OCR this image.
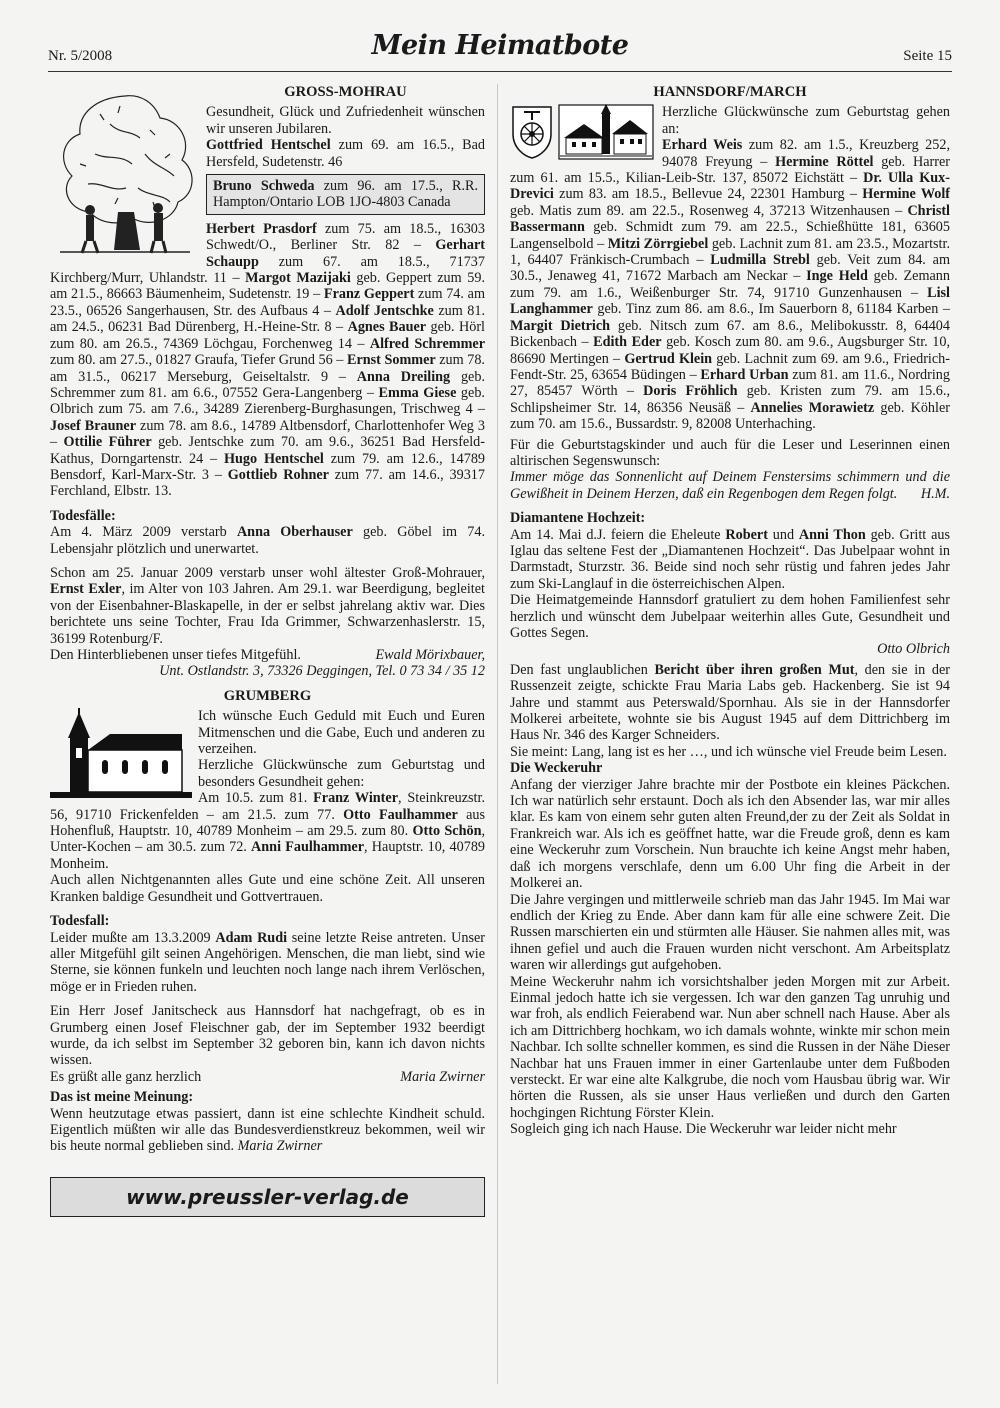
Nr. 5/2008	Mein Heimatbote	Seite 15
GROSS-MOHRAU

Gesundheit, Glück und Zufriedenheit wünschen wir unseren Jubilaren.

Gottfried Hentschel zum 69. am 16.5., Bad Hersfeld, Sudetenstr. 46

Bruno Schweda zum 96. am 17.5., R.R. Hampton/Ontario LOB 1JO-4803 Canada

Herbert Prasdorf zum 75. am 18.5., 16303 Schwedt/O., Berliner Str. 82 – Gerhart Schaupp zum 67. am 18.5., 71737 Kirchberg/Murr, Uhlandstr. 11 – Margot Mazijaki geb. Geppert zum 59. am 21.5., 86663 Bäumenheim, Sudetenstr. 19 – Franz Geppert zum 74. am 23.5., 06526 Sangerhausen, Str. des Aufbaus 4 – Adolf Jentschke zum 81. am 24.5., 06231 Bad Dürenberg, H.-Heine-Str. 8 – Agnes Bauer geb. Hörl zum 80. am 26.5., 74369 Löchgau, Forchenweg 14 – Alfred Schremmer zum 80. am 27.5., 01827 Graufa, Tiefer Grund 56 – Ernst Sommer zum 78. am 31.5., 06217 Merseburg, Geiseltalstr. 9 – Anna Dreiling geb. Schremmer zum 81. am 6.6., 07552 Gera-Langenberg – Emma Giese geb. Olbrich zum 75. am 7.6., 34289 Zierenberg-Burghasungen, Trischweg 4 – Josef Brauner zum 78. am 8.6., 14789 Altbensdorf, Charlottenhofer Weg 3 – Ottilie Führer geb. Jentschke zum 70. am 9.6., 36251 Bad Hersfeld-Kathus, Dorngartenstr. 24 – Hugo Hentschel zum 79. am 12.6., 14789 Bensdorf, Karl-Marx-Str. 3 – Gottlieb Rohner zum 77. am 14.6., 39317 Ferchland, Elbstr. 13.

Todesfälle:

Am 4. März 2009 verstarb Anna Oberhauser geb. Göbel im 74. Lebensjahr plötzlich und unerwartet.

Schon am 25. Januar 2009 verstarb unser wohl ältester Groß-Mohrauer, Ernst Exler, im Alter von 103 Jahren. Am 29.1. war Beerdigung, begleitet von der Eisenbahner-Blaskapelle, in der er selbst jahrelang aktiv war. Dies berichtete uns seine Tochter, Frau Ida Grimmer, Schwarzenhaslerstr. 15, 36199 Rotenburg/F.

Den Hinterbliebenen unser tiefes Mitgefühl.	Ewald Mörixbauer,

Unt. Ostlandstr. 3, 73326 Deggingen, Tel. 0 73 34 / 35 12

GRUMBERG

Ich wünsche Euch Geduld mit Euch und Euren Mitmenschen und die Gabe, Euch und anderen zu verzeihen.

Herzliche Glückwünsche zum Geburtstag und besonders Gesundheit gehen:

Am 10.5. zum 81. Franz Winter, Steinkreuzstr. 56, 91710 Frickenfelden – am 21.5. zum 77. Otto Faulhammer aus Hohenfluß, Hauptstr. 10, 40789 Monheim – am 29.5. zum 80. Otto Schön, Unter-Kochen – am 30.5. zum 72. Anni Faulhammer, Hauptstr. 10, 40789 Monheim.

Auch allen Nichtgenannten alles Gute und eine schöne Zeit. All unseren Kranken baldige Gesundheit und Gottvertrauen.

Todesfall:

Leider mußte am 13.3.2009 Adam Rudi seine letzte Reise antreten. Unser aller Mitgefühl gilt seinen Angehörigen. Menschen, die man liebt, sind wie Sterne, sie können funkeln und leuchten noch lange nach ihrem Verlöschen, möge er in Frieden ruhen.

Ein Herr Josef Janitscheck aus Hannsdorf hat nachgefragt, ob es in Grumberg einen Josef Fleischner gab, der im September 1932 beerdigt wurde, da ich selbst im September 32 geboren bin, kann ich davon nichts wissen.

Es grüßt alle ganz herzlich	Maria Zwirner

Das ist meine Meinung:

Wenn heutzutage etwas passiert, dann ist eine schlechte Kindheit schuld. Eigentlich müßten wir alle das Bundesverdienstkreuz bekommen, weil wir bis heute normal geblieben sind. Maria Zwirner

www.preussler-verlag.de
HANNSDORF/MARCH

Herzliche Glückwünsche zum Geburtstag gehen an:

Erhard Weis zum 82. am 1.5., Kreuzberg 252, 94078 Freyung – Hermine Röttel geb. Harrer zum 61. am 15.5., Kilian-Leib-Str. 137, 85072 Eichstätt – Dr. Ulla Kux-Drevici zum 83. am 18.5., Bellevue 24, 22301 Hamburg – Hermine Wolf geb. Matis zum 89. am 22.5., Rosenweg 4, 37213 Witzenhausen – Christl Bassermann geb. Schmidt zum 79. am 22.5., Schießhütte 181, 63605 Langenselbold – Mitzi Zörrgiebel geb. Lachnit zum 81. am 23.5., Mozartstr. 1, 64407 Fränkisch-Crumbach – Ludmilla Strebl geb. Veit zum 84. am 30.5., Jenaweg 41, 71672 Marbach am Neckar – Inge Held geb. Zemann zum 79. am 1.6., Weißenburger Str. 74, 91710 Gunzenhausen – Lisl Langhammer geb. Tinz zum 86. am 8.6., Im Sauerborn 8, 61184 Karben – Margit Dietrich geb. Nitsch zum 67. am 8.6., Melibokusstr. 8, 64404 Bickenbach – Edith Eder geb. Kosch zum 80. am 9.6., Augsburger Str. 10, 86690 Mertingen – Gertrud Klein geb. Lachnit zum 69. am 9.6., Friedrich-Fendt-Str. 25, 63654 Büdingen – Erhard Urban zum 81. am 11.6., Nordring 27, 85457 Wörth – Doris Fröhlich geb. Kristen zum 79. am 15.6., Schlipsheimer Str. 14, 86356 Neusäß – Annelies Morawietz geb. Köhler zum 70. am 15.6., Bussardstr. 9, 82008 Unterhaching.

Für die Geburtstagskinder und auch für die Leser und Leserinnen einen altirischen Segenswunsch:

Immer möge das Sonnenlicht auf Deinem Fenstersims schimmern und die Gewißheit in Deinem Herzen, daß ein Regenbogen dem Regen folgt. H.M.

Diamantene Hochzeit:

Am 14. Mai d.J. feiern die Eheleute Robert und Anni Thon geb. Gritt aus Iglau das seltene Fest der „Diamantenen Hochzeit“. Das Jubelpaar wohnt in Darmstadt, Sturzstr. 36. Beide sind noch sehr rüstig und fahren jedes Jahr zum Ski-Langlauf in die österreichischen Alpen.

Die Heimatgemeinde Hannsdorf gratuliert zu dem hohen Familienfest sehr herzlich und wünscht dem Jubelpaar weiterhin alles Gute, Gesundheit und Gottes Segen.

Otto Olbrich

Den fast unglaublichen Bericht über ihren großen Mut, den sie in der Russenzeit zeigte, schickte Frau Maria Labs geb. Hackenberg. Sie ist 94 Jahre und stammt aus Peterswald/Spornhau. Als sie in der Hannsdorfer Molkerei arbeitete, wohnte sie bis August 1945 auf dem Dittrichberg im Haus Nr. 346 des Karger Schneiders.

Sie meint: Lang, lang ist es her …, und ich wünsche viel Freude beim Lesen.

Die Weckeruhr

Anfang der vierziger Jahre brachte mir der Postbote ein kleines Päckchen. Ich war natürlich sehr erstaunt. Doch als ich den Absender las, war mir alles klar. Es kam von einem sehr guten alten Freund,der zu der Zeit als Soldat in Frankreich war. Als ich es geöffnet hatte, war die Freude groß, denn es kam eine Weckeruhr zum Vorschein. Nun brauchte ich keine Angst mehr haben, daß ich morgens verschlafe, denn um 6.00 Uhr fing die Arbeit in der Molkerei an.

Die Jahre vergingen und mittlerweile schrieb man das Jahr 1945. Im Mai war endlich der Krieg zu Ende. Aber dann kam für alle eine schwere Zeit. Die Russen marschierten ein und stürmten alle Häuser. Sie nahmen alles mit, was ihnen gefiel und auch die Frauen wurden nicht verschont. Am Arbeitsplatz waren wir allerdings gut aufgehoben.

Meine Weckeruhr nahm ich vorsichtshalber jeden Morgen mit zur Arbeit. Einmal jedoch hatte ich sie vergessen. Ich war den ganzen Tag unruhig und war froh, als endlich Feierabend war. Nun aber schnell nach Hause. Aber als ich am Dittrichberg hochkam, wo ich damals wohnte, winkte mir schon mein Nachbar. Ich sollte schneller kommen, es sind die Russen in der Nähe Dieser Nachbar hat uns Frauen immer in einer Gartenlaube unter dem Fußboden versteckt. Er war eine alte Kalkgrube, die noch vom Hausbau übrig war. Wir hörten die Russen, als sie unser Haus verließen und durch den Garten hochgingen Richtung Förster Klein.

Sogleich ging ich nach Hause. Die Weckeruhr war leider nicht mehr
